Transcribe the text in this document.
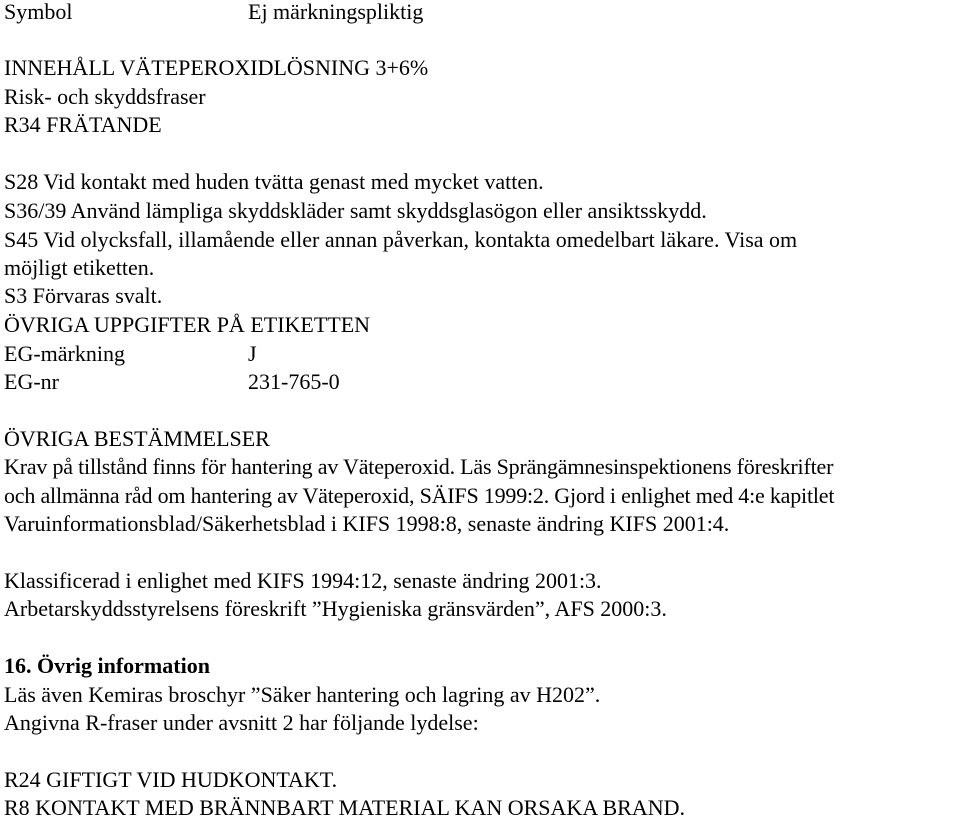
Symbol	Ej märkningspliktig
INNEHÅLL VÄTEPEROXIDLÖSNING 3+6%
Risk- och skyddsfraser
R34 FRÄTANDE
S28 Vid kontakt med huden tvätta genast med mycket vatten.
S36/39 Använd lämpliga skyddskläder samt skyddsglasögon eller ansiktsskydd.
S45 Vid olycksfall, illamående eller annan påverkan, kontakta omedelbart läkare. Visa om
möjligt etiketten.
S3 Förvaras svalt.
ÖVRIGA UPPGIFTER PÅ ETIKETTEN
EG-märkning	J
EG-nr	231-765-0
ÖVRIGA BESTÄMMELSER
Krav på tillstånd finns för hantering av Väteperoxid. Läs Sprängämnesinspektionens föreskrifter
och allmänna råd om hantering av Väteperoxid, SÄIFS 1999:2. Gjord i enlighet med 4:e kapitlet
Varuinformationsblad/Säkerhetsblad i KIFS 1998:8, senaste ändring KIFS 2001:4.
Klassificerad i enlighet med KIFS 1994:12, senaste ändring 2001:3.
Arbetarskyddsstyrelsens föreskrift ”Hygieniska gränsvärden”, AFS 2000:3.
16. Övrig information
Läs även Kemiras broschyr ”Säker hantering och lagring av H202”.
Angivna R-fraser under avsnitt 2 har följande lydelse:
R24 GIFTIGT VID HUDKONTAKT.
R8 KONTAKT MED BRÄNNBART MATERIAL KAN ORSAKA BRAND.
